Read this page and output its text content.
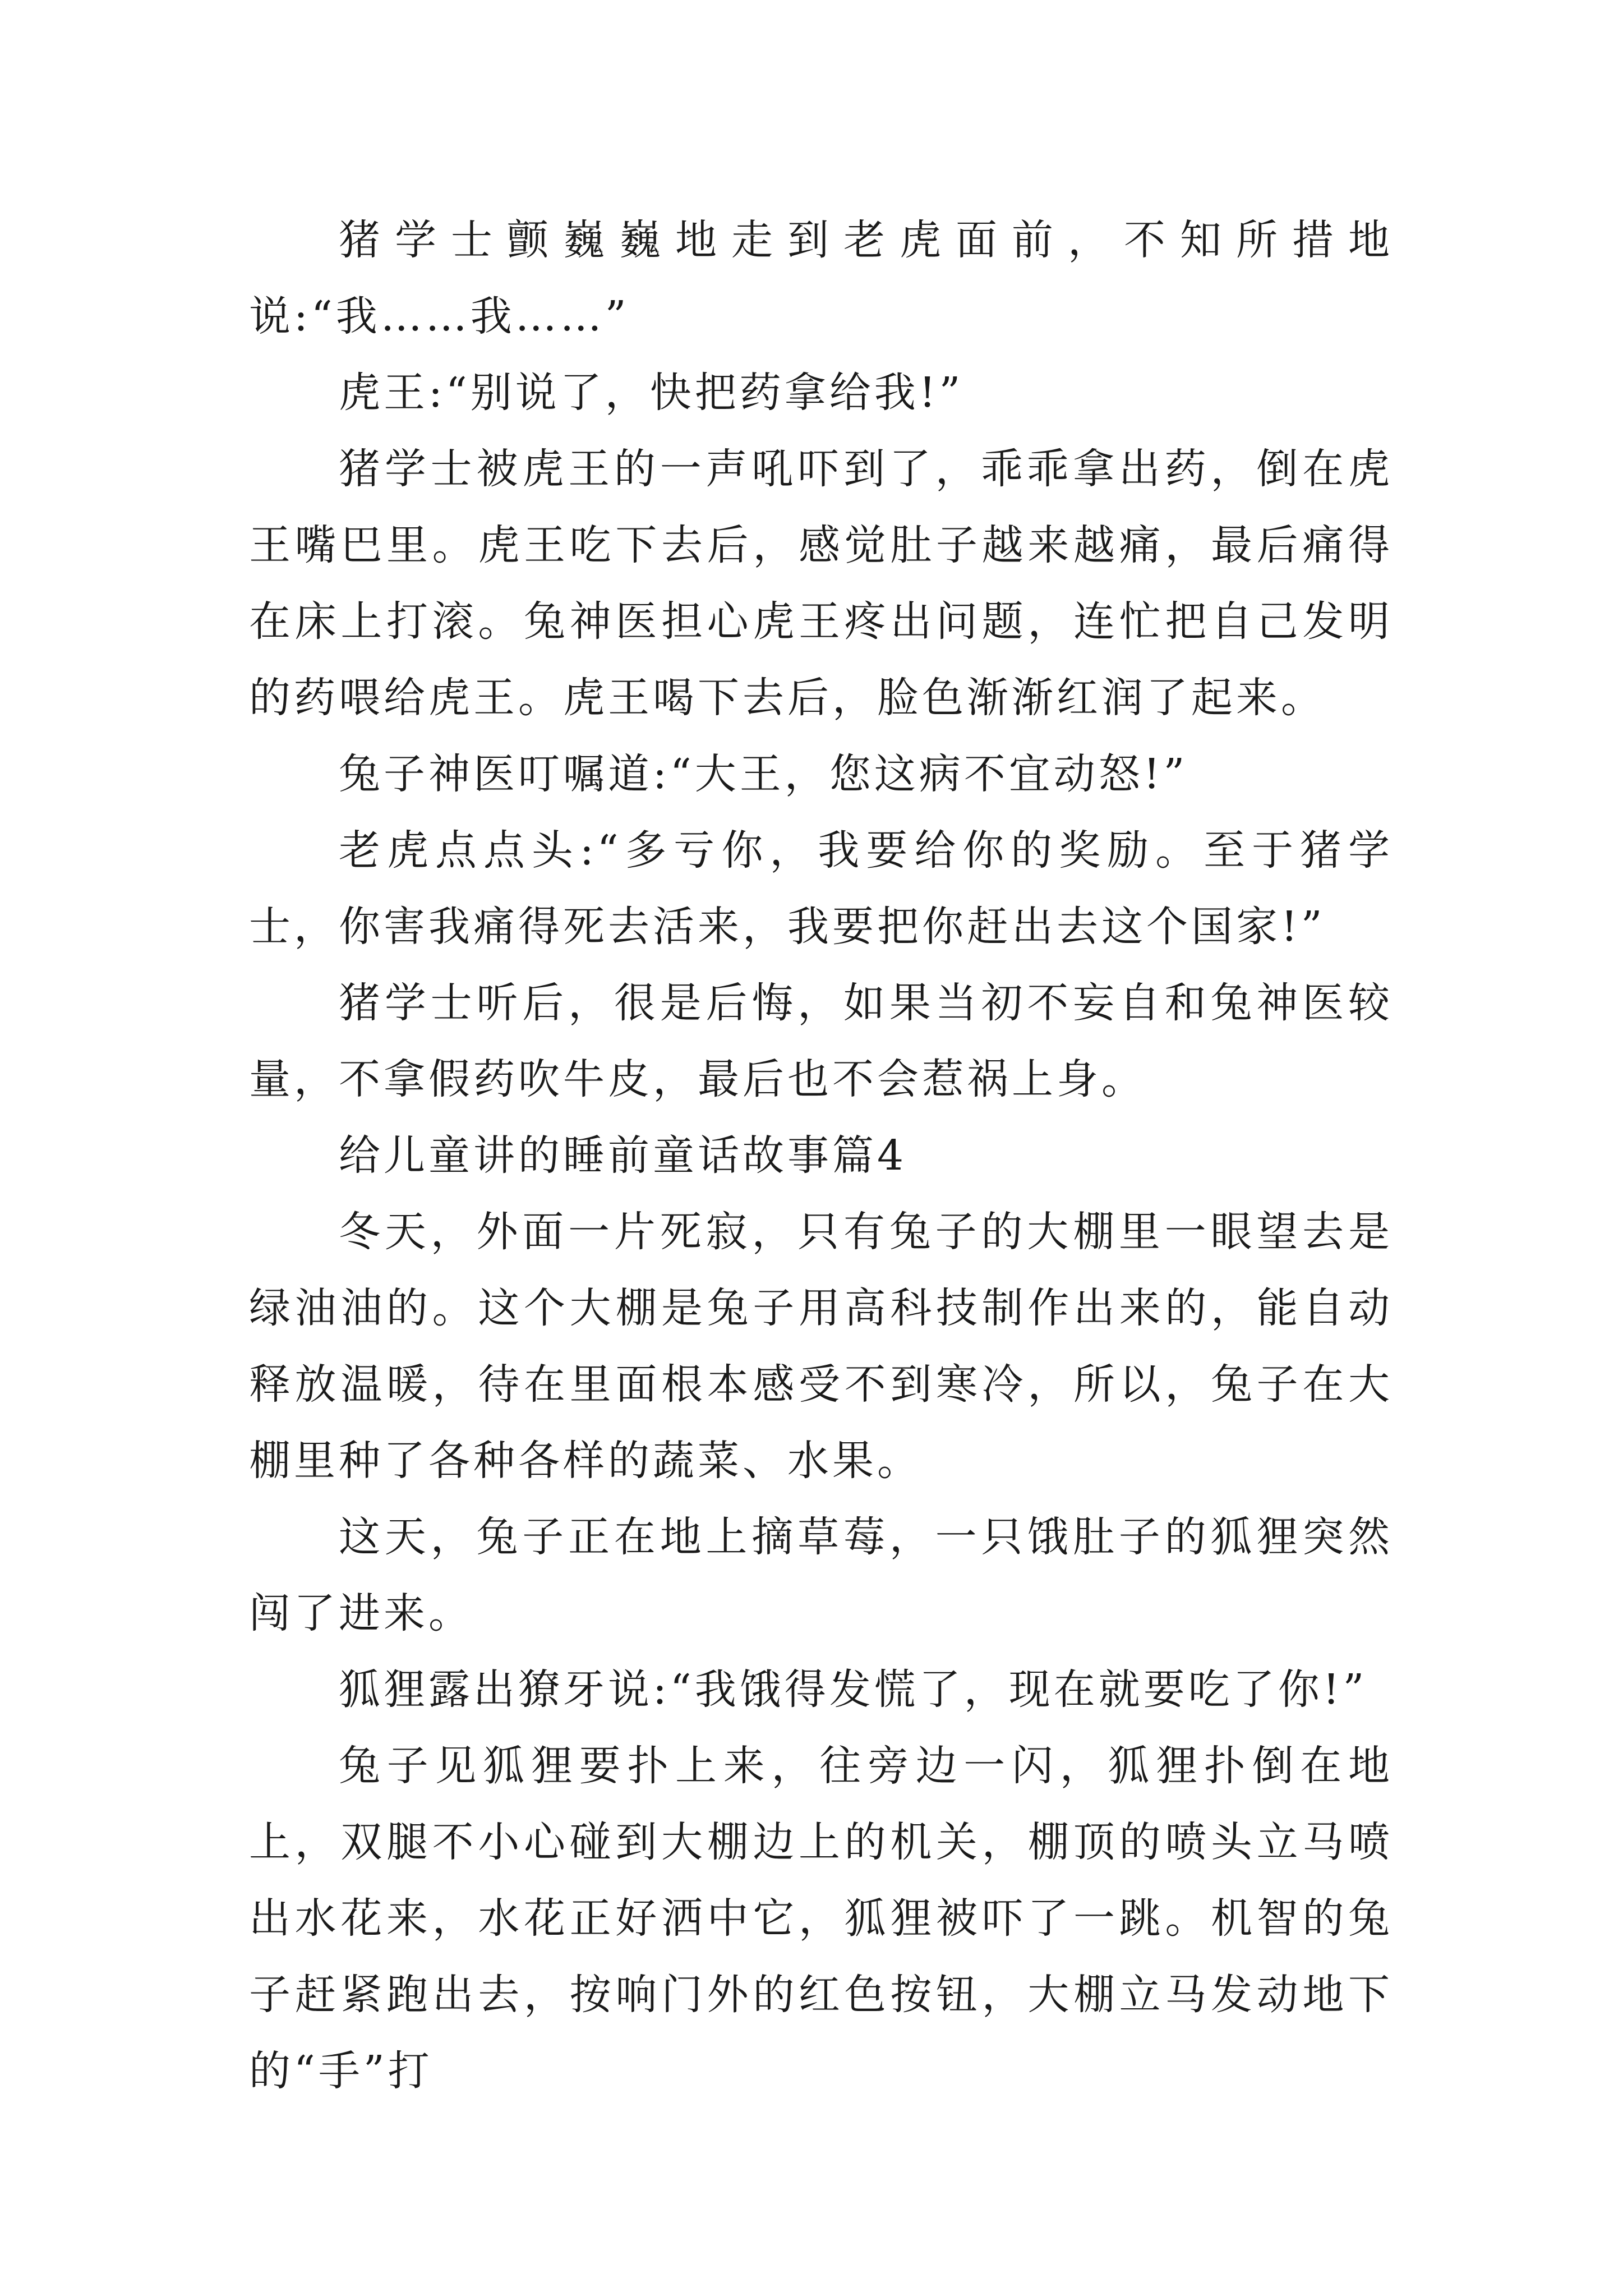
猪学士颤巍巍地走到老虎面前，不知所措地说:“我……我……”

虎王:“别说了，快把药拿给我!”

猪学士被虎王的一声吼吓到了，乖乖拿出药，倒在虎王嘴巴里。虎王吃下去后，感觉肚子越来越痛，最后痛得在床上打滚。兔神医担心虎王疼出问题，连忙把自己发明的药喂给虎王。虎王喝下去后，脸色渐渐红润了起来。

兔子神医叮嘱道:“大王，您这病不宜动怒!”

老虎点点头:“多亏你，我要给你的奖励。至于猪学士，你害我痛得死去活来，我要把你赶出去这个国家!”

猪学士听后，很是后悔，如果当初不妄自和兔神医较量，不拿假药吹牛皮，最后也不会惹祸上身。

给儿童讲的睡前童话故事篇4

冬天，外面一片死寂，只有兔子的大棚里一眼望去是绿油油的。这个大棚是兔子用高科技制作出来的，能自动释放温暖，待在里面根本感受不到寒冷，所以，兔子在大棚里种了各种各样的蔬菜、水果。

这天，兔子正在地上摘草莓，一只饿肚子的狐狸突然闯了进来。

狐狸露出獠牙说:“我饿得发慌了，现在就要吃了你!”

兔子见狐狸要扑上来，往旁边一闪，狐狸扑倒在地上，双腿不小心碰到大棚边上的机关，棚顶的喷头立马喷出水花来，水花正好洒中它，狐狸被吓了一跳。机智的兔子赶紧跑出去，按响门外的红色按钮，大棚立马发动地下的“手”打
